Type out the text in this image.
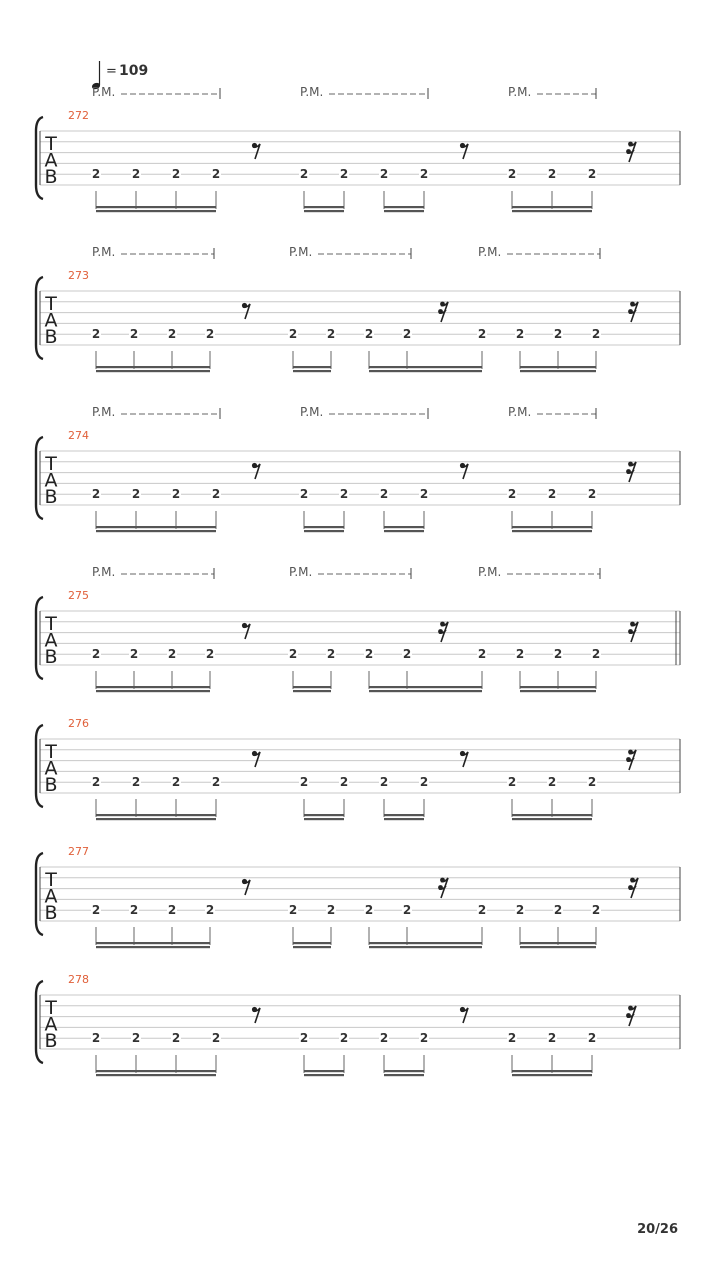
= 109
P.M.	P.M.	P.M.
272
T
A
B	2	2	2	2	2	2	2	2	2	2	2
P.M.	P.M.	P.M.
273
T
A
B	2 2 2 2	2 2 2 2	2 2 2 2
P.M.	P.M.	P.M.
274
T
A
B	2	2	2	2	2	2	2	2	2	2	2
P.M.	P.M.	P.M.
275
T
A
B	2 2 2 2	2 2 2 2	2 2 2 2
276
T
A
B	2	2	2	2	2	2	2	2	2	2	2
277
T
A
B	2 2 2 2	2 2 2 2	2 2 2 2
278
T
A
B	2	2	2	2	2	2	2	2	2	2	2
20/26
